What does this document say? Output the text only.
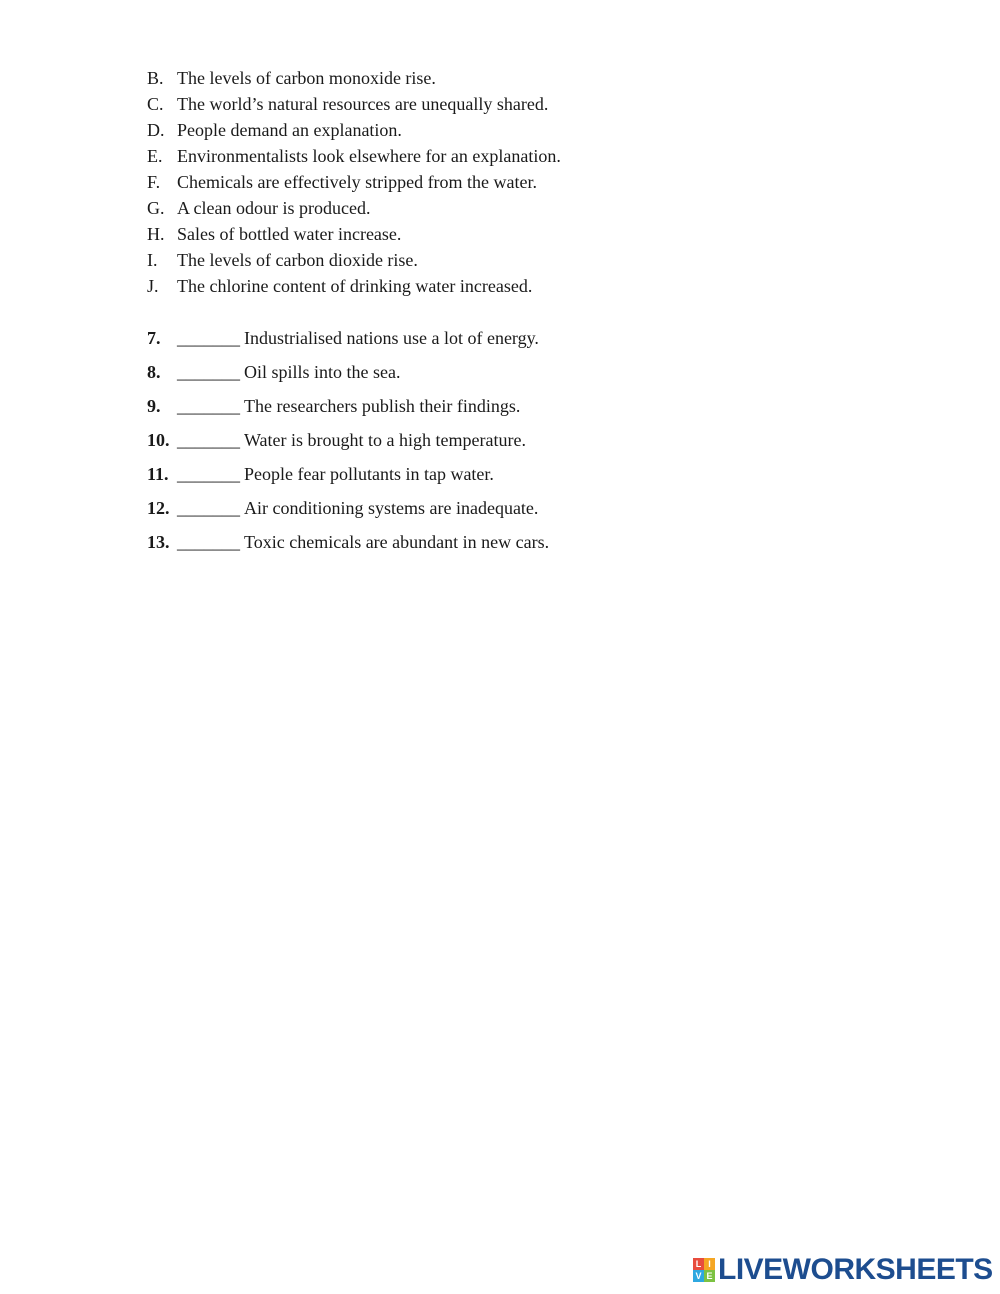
B. The levels of carbon monoxide rise.
C. The world’s natural resources are unequally shared.
D. People demand an explanation.
E. Environmentalists look elsewhere for an explanation.
F. Chemicals are effectively stripped from the water.
G. A clean odour is produced.
H. Sales of bottled water increase.
I. The levels of carbon dioxide rise.
J. The chlorine content of drinking water increased.
7. _______ Industrialised nations use a lot of energy.
8. _______ Oil spills into the sea.
9. _______ The researchers publish their findings.
10. _______ Water is brought to a high temperature.
11. _______ People fear pollutants in tap water.
12. _______ Air conditioning systems are inadequate.
13. _______ Toxic chemicals are abundant in new cars.
L I
V E LIVEWORKSHEETS
